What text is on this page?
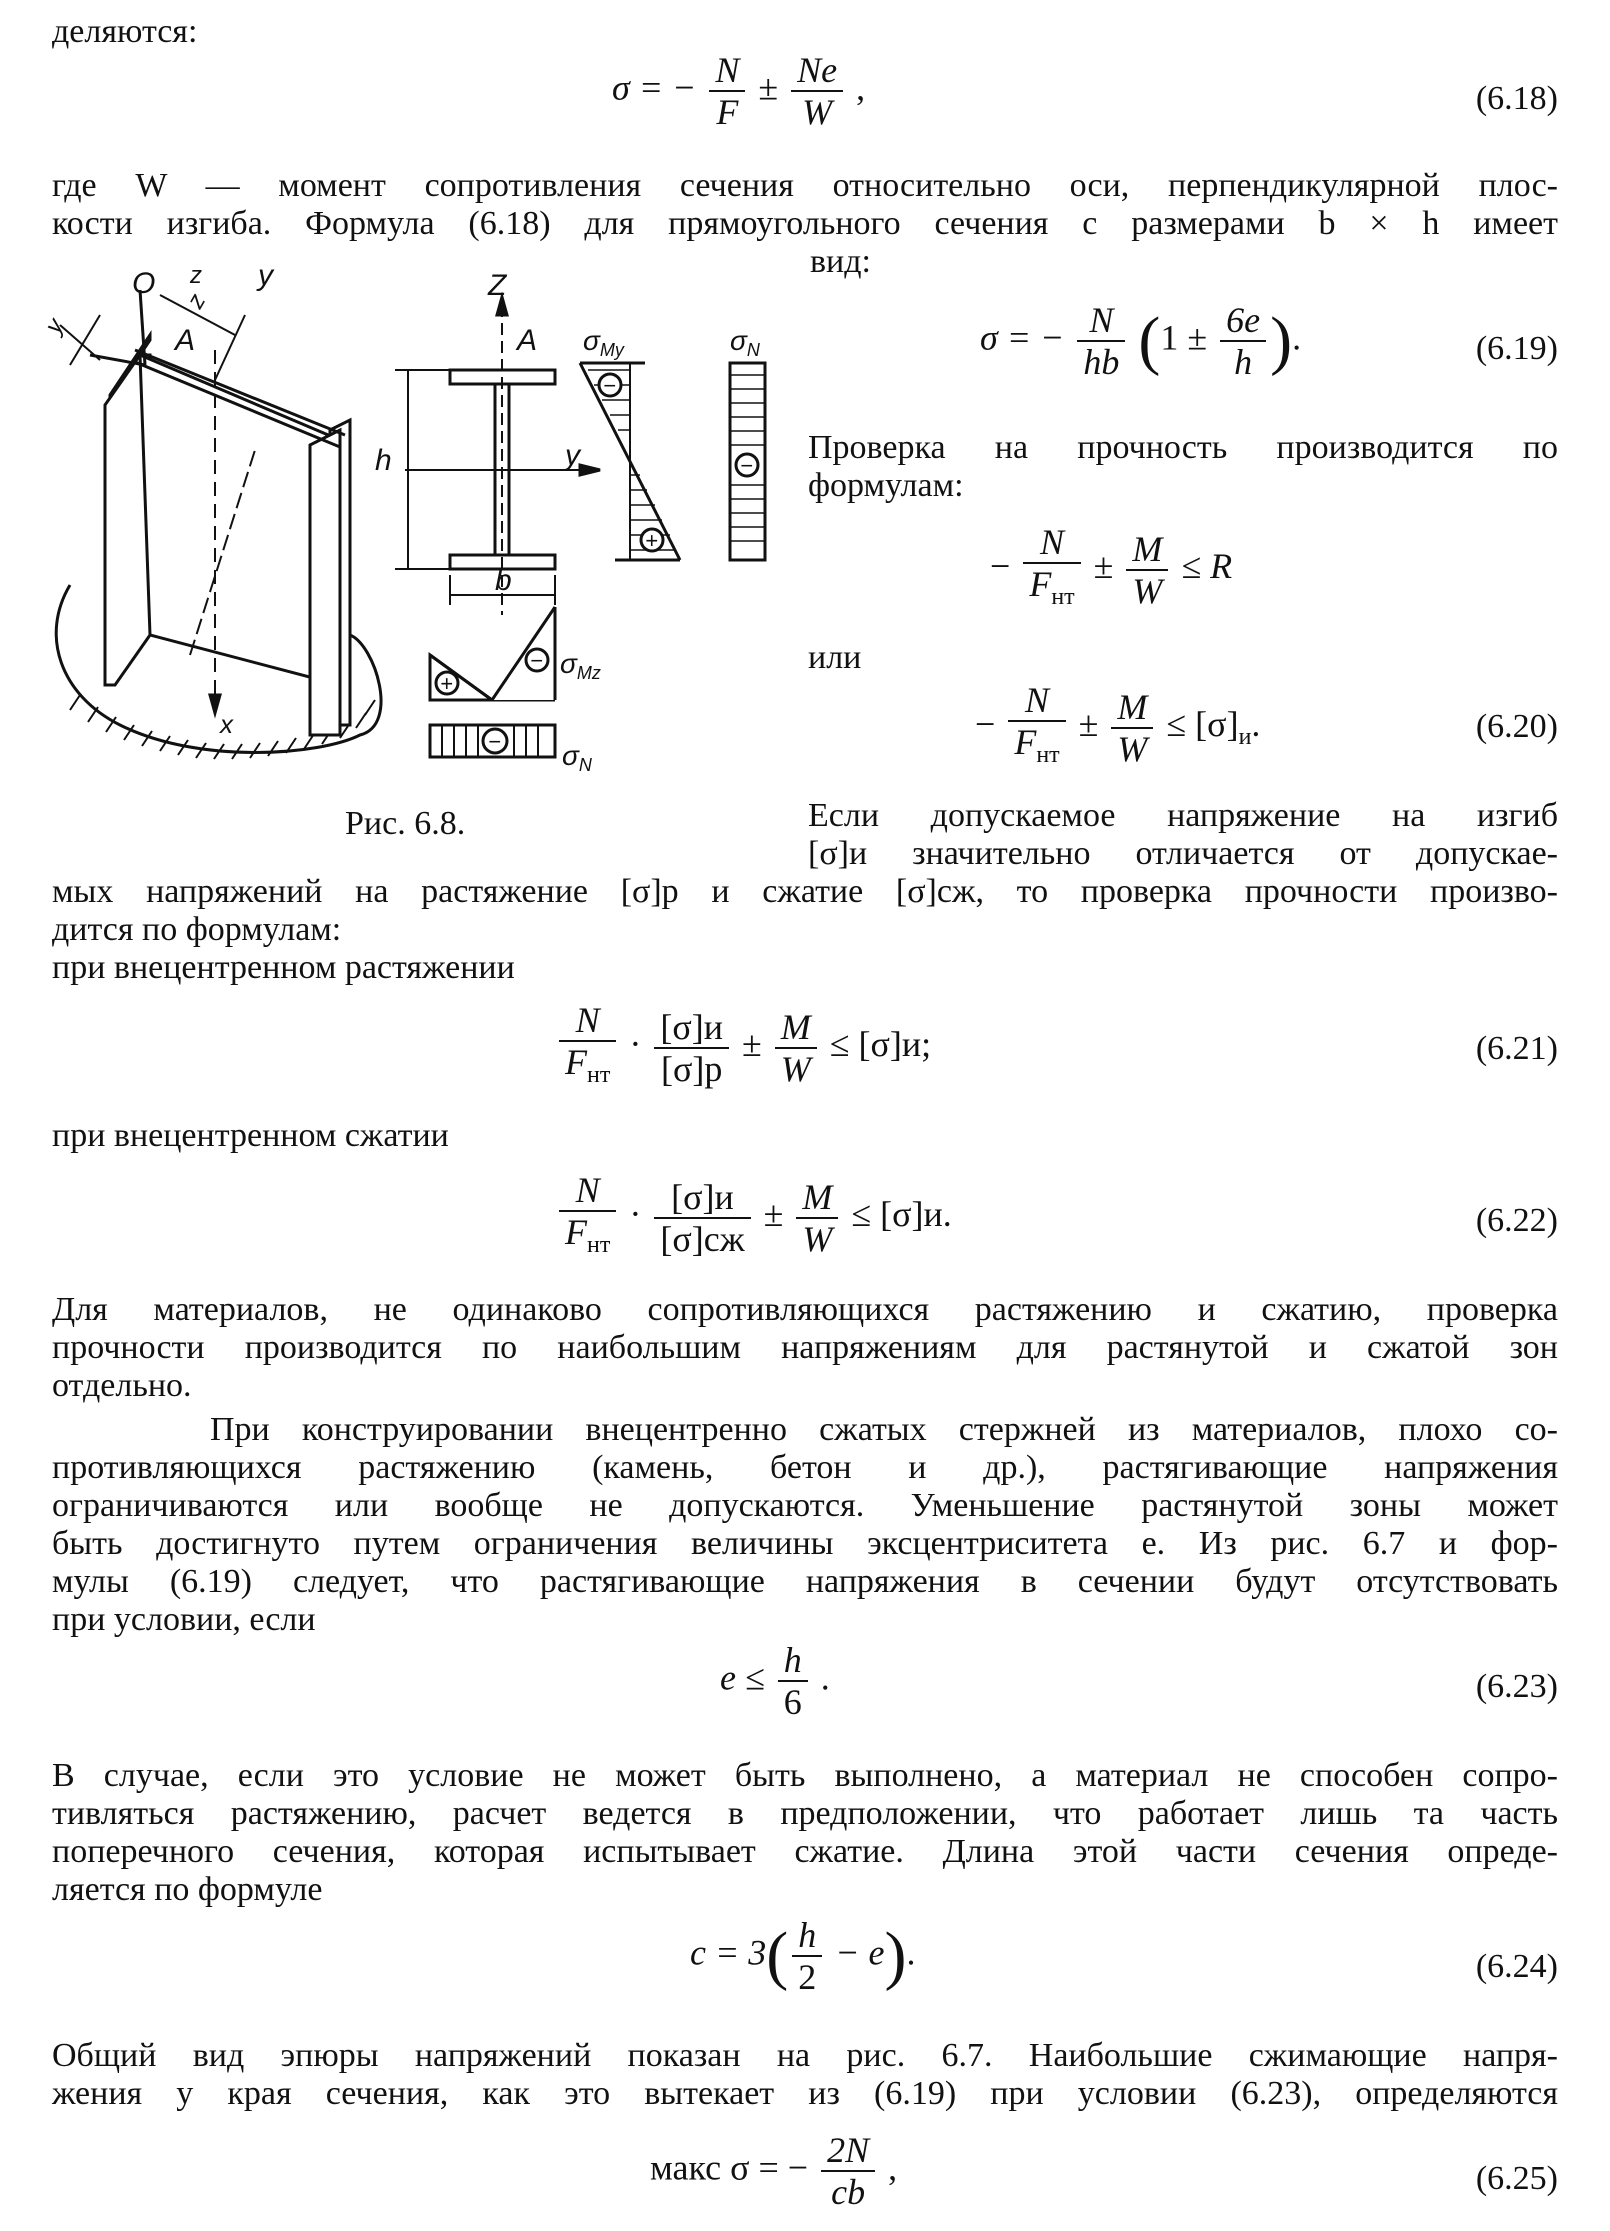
деляются:
σ = − $\frac{N}{F} \pm \frac{Ne}{W}$ ,	(6.18)
где W — момент сопротивления сечения относительно оси, перпендикулярной плос-
кости изгиба. Формула (6.18) для прямоугольного сечения с размерами b × h имеет
вид:
O
A
z y
y
z
x
Z
A
y
h
b
−
+
$\sigma_{My}$
−
$\sigma_N$
+
− $\sigma_{Mz}$
− $\sigma_N$
Рис. 6.8.
σ = − $\frac{N}{hb} (1 \pm \frac{6e}{h}$ ).	(6.19)
Проверка на прочность производится по
формулам:
− $\frac{N}{F_{нт}} \pm \frac{M}{W} \le R$
или
− $\frac{N}{F_{нт}} \pm \frac{M}{W} \le [\sigma]_и$.	(6.20)
Если допускаемое напряжение на изгиб
[σ]и значительно отличается от допускае-
мых напряжений на растяжение [σ]р и сжатие [σ]сж, то проверка прочности произво-
дится по формулам:
при внецентренном растяжении
$\frac{N}{F_{нт}} \cdot \frac{[\sigma]и}{[\sigma]р} \pm \frac{M}{W} \le [\sigma]и$;	(6.21)
при внецентренном сжатии
$\frac{N}{F_{нт}} \cdot \frac{[\sigma]и}{[\sigma]сж} \pm \frac{M}{W} \le [\sigma]и$.	(6.22)
Для материалов, не одинаково сопротивляющихся растяжению и сжатию, проверка
прочности производится по наибольшим напряжениям для растянутой и сжатой зон
отдельно.
При конструировании внецентренно сжатых стержней из материалов, плохо со-
противляющихся растяжению (камень, бетон и др.), растягивающие напряжения
ограничиваются или вообще не допускаются. Уменьшение растянутой зоны может
быть достигнуто путем ограничения величины эксцентриситета e. Из рис. 6.7 и фор-
мулы (6.19) следует, что растягивающие напряжения в сечении будут отсутствовать
при условии, если
$e \le \frac{h}{6}$ .	(6.23)
В случае, если это условие не может быть выполнено, а материал не способен сопро-
тивляться растяжению, расчет ведется в предположении, что работает лишь та часть
поперечного сечения, которая испытывает сжатие. Длина этой части сечения опреде-
ляется по формуле
$c = 3( \frac{h}{2} - e)$.	(6.24)
Общий вид эпюры напряжений показан на рис. 6.7. Наибольшие сжимающие напря-
жения у края сечения, как это вытекает из (6.19) при условии (6.23), определяются
макс σ = − $\frac{2N}{cb}$ ,	(6.25)
